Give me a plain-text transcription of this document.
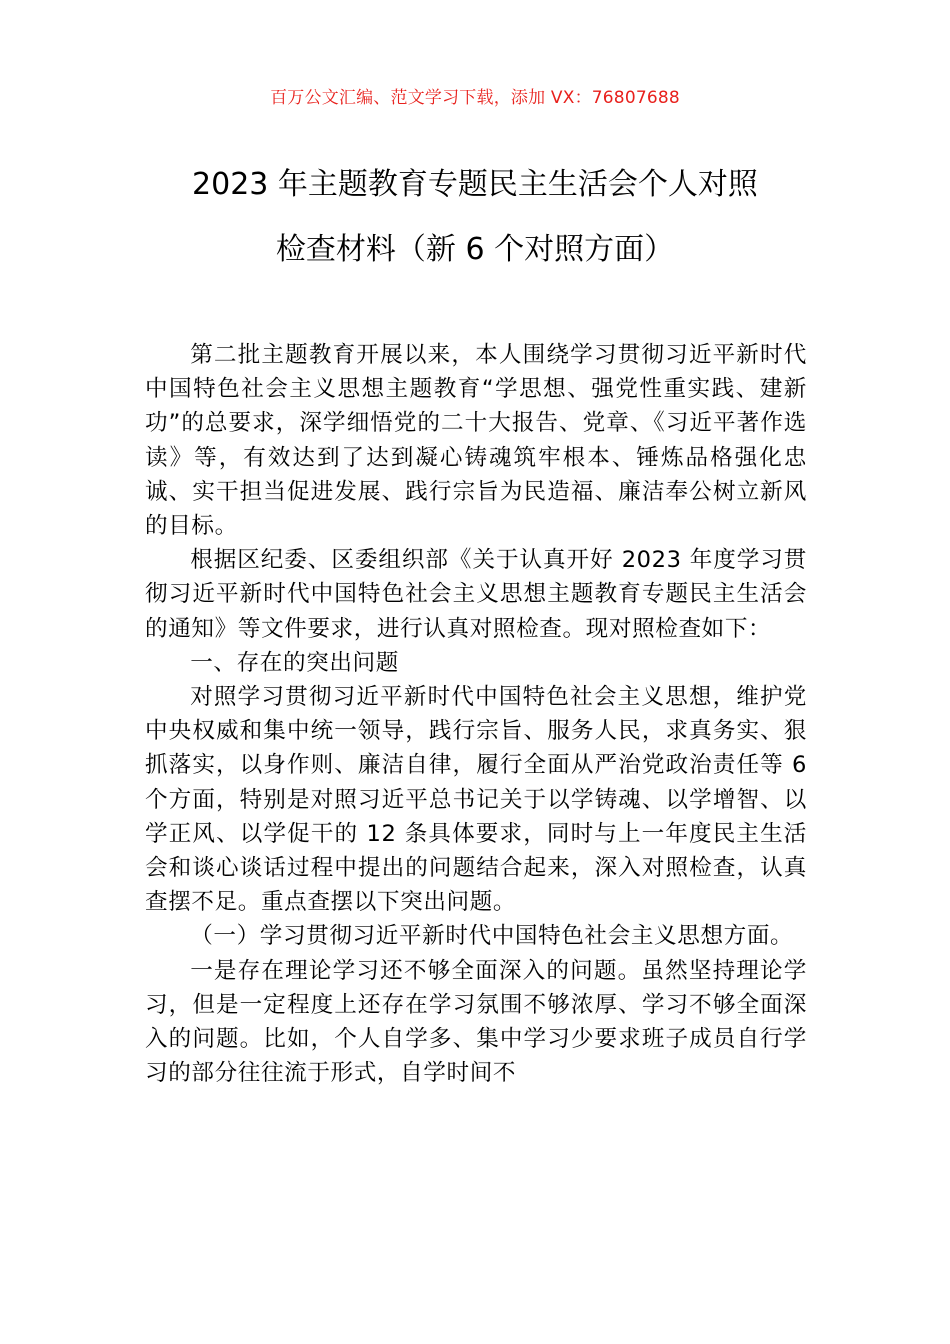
百万公文汇编、范文学习下载，添加 VX：76807688
2023 年主题教育专题民主生活会个人对照
检查材料（新 6 个对照方面）

第二批主题教育开展以来，本人围绕学习贯彻习近平新时代中国特色社会主义思想主题教育“学思想、强党性重实践、建新功”的总要求，深学细悟党的二十大报告、党章、《习近平著作选读》等，有效达到了达到凝心铸魂筑牢根本、锤炼品格强化忠诚、实干担当促进发展、践行宗旨为民造福、廉洁奉公树立新风的目标。

根据区纪委、区委组织部《关于认真开好 2023 年度学习贯彻习近平新时代中国特色社会主义思想主题教育专题民主生活会的通知》等文件要求，进行认真对照检查。现对照检查如下：

一、存在的突出问题

对照学习贯彻习近平新时代中国特色社会主义思想，维护党中央权威和集中统一领导，践行宗旨、服务人民，求真务实、狠抓落实，以身作则、廉洁自律，履行全面从严治党政治责任等 6 个方面，特别是对照习近平总书记关于以学铸魂、以学增智、以学正风、以学促干的 12 条具体要求，同时与上一年度民主生活会和谈心谈话过程中提出的问题结合起来，深入对照检查，认真查摆不足。重点查摆以下突出问题。

（一）学习贯彻习近平新时代中国特色社会主义思想方面。

一是存在理论学习还不够全面深入的问题。虽然坚持理论学习，但是一定程度上还存在学习氛围不够浓厚、学习不够全面深入的问题。比如，个人自学多、集中学习少要求班子成员自行学习的部分往往流于形式，自学时间不
